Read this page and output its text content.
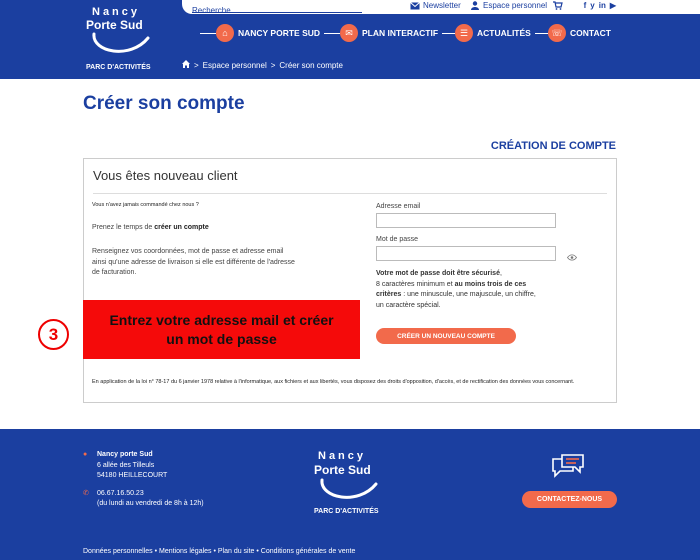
Nancy
Porte Sud
PARC D'ACTIVITÉS
Recherche
Newsletter	Espace personnel	f y in ▶
⌂	NANCY PORTE SUD	✉	PLAN INTERACTIF	☰	ACTUALITÉS	☏ CONTACT
> Espace personnel > Créer son compte
Créer son compte
CRÉATION DE COMPTE
Vous êtes nouveau client
Vous n'avez jamais commandé chez nous ?
Prenez le temps de créer un compte
Renseignez vos coordonnées, mot de passe et adresse email
ainsi qu'une adresse de livraison si elle est différente de l'adresse
de facturation.
Adresse email
Mot de passe
Votre mot de passe doit être sécurisé,
8 caractères minimum et au moins trois de ces
critères : une minuscule, une majuscule, un chiffre,
un caractère spécial.
CRÉER UN NOUVEAU COMPTE
En application de la loi n° 78-17 du 6 janvier 1978 relative à l'informatique, aux fichiers et aux libertés, vous disposez des droits d'opposition, d'accès, et de rectification des données vous concernant.
3
Entrez votre adresse mail et créer
un mot de passe
●	Nancy porte Sud
6 allée des Tilleuls
54180 HEILLECOURT
✆	06.67.16.50.23
(du lundi au vendredi de 8h à 12h)
Nancy
Porte Sud
PARC D'ACTIVITÉS
CONTACTEZ-NOUS
Données personnelles • Mentions légales • Plan du site • Conditions générales de vente
